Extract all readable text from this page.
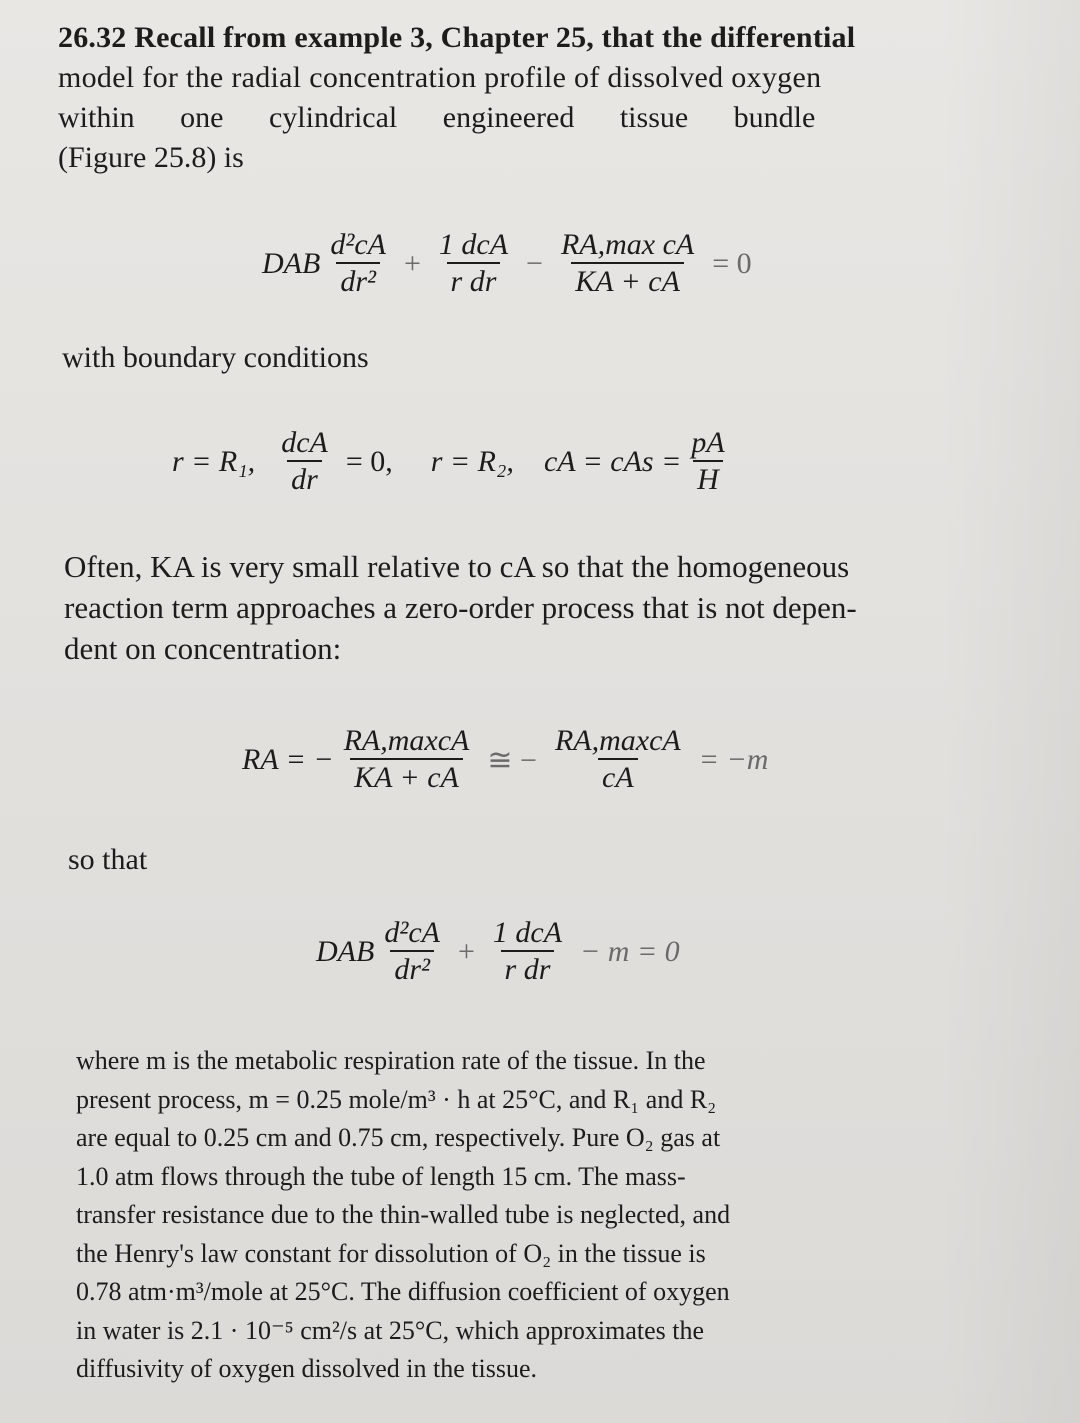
26.32 Recall from example 3, Chapter 25, that the differential
model for the radial concentration profile of dissolved oxygen
within one cylindrical engineered tissue bundle
(Figure 25.8) is
DAB $\frac{\text{d²cA}}{\text{dr²}} + \frac{\text{1 dcA}}{\text{r dr}} - \frac{\text{RA,max cA}}{KA + cA} = 0$
with boundary conditions
r = R₁, $\frac{\text{dcA}}{dr} = 0$, r = R₂, cA = cAs = $\frac{pA}{H}$
Often, KA is very small relative to cA so that the homogeneous
reaction term approaches a zero-order process that is not depen-
dent on concentration:
RA = − $\frac{\text{RA,maxcA}}{KA + cA}$ ≅ − $\frac{\text{RA,maxcA}}{cA} = -m$
so that
DAB $\frac{\text{d²cA}}{\text{dr²}} + \frac{\text{1 dcA}}{\text{r dr}} - m = 0$
where m is the metabolic respiration rate of the tissue. In the
present process, m = 0.25 mole/m³ · h at 25°C, and R₁ and R₂
are equal to 0.25 cm and 0.75 cm, respectively. Pure O₂ gas at
1.0 atm flows through the tube of length 15 cm. The mass-
transfer resistance due to the thin-walled tube is neglected, and
the Henry's law constant for dissolution of O₂ in the tissue is
0.78 atm·m³/mole at 25°C. The diffusion coefficient of oxygen
in water is 2.1 · 10⁻⁵ cm²/s at 25°C, which approximates the
diffusivity of oxygen dissolved in the tissue.
